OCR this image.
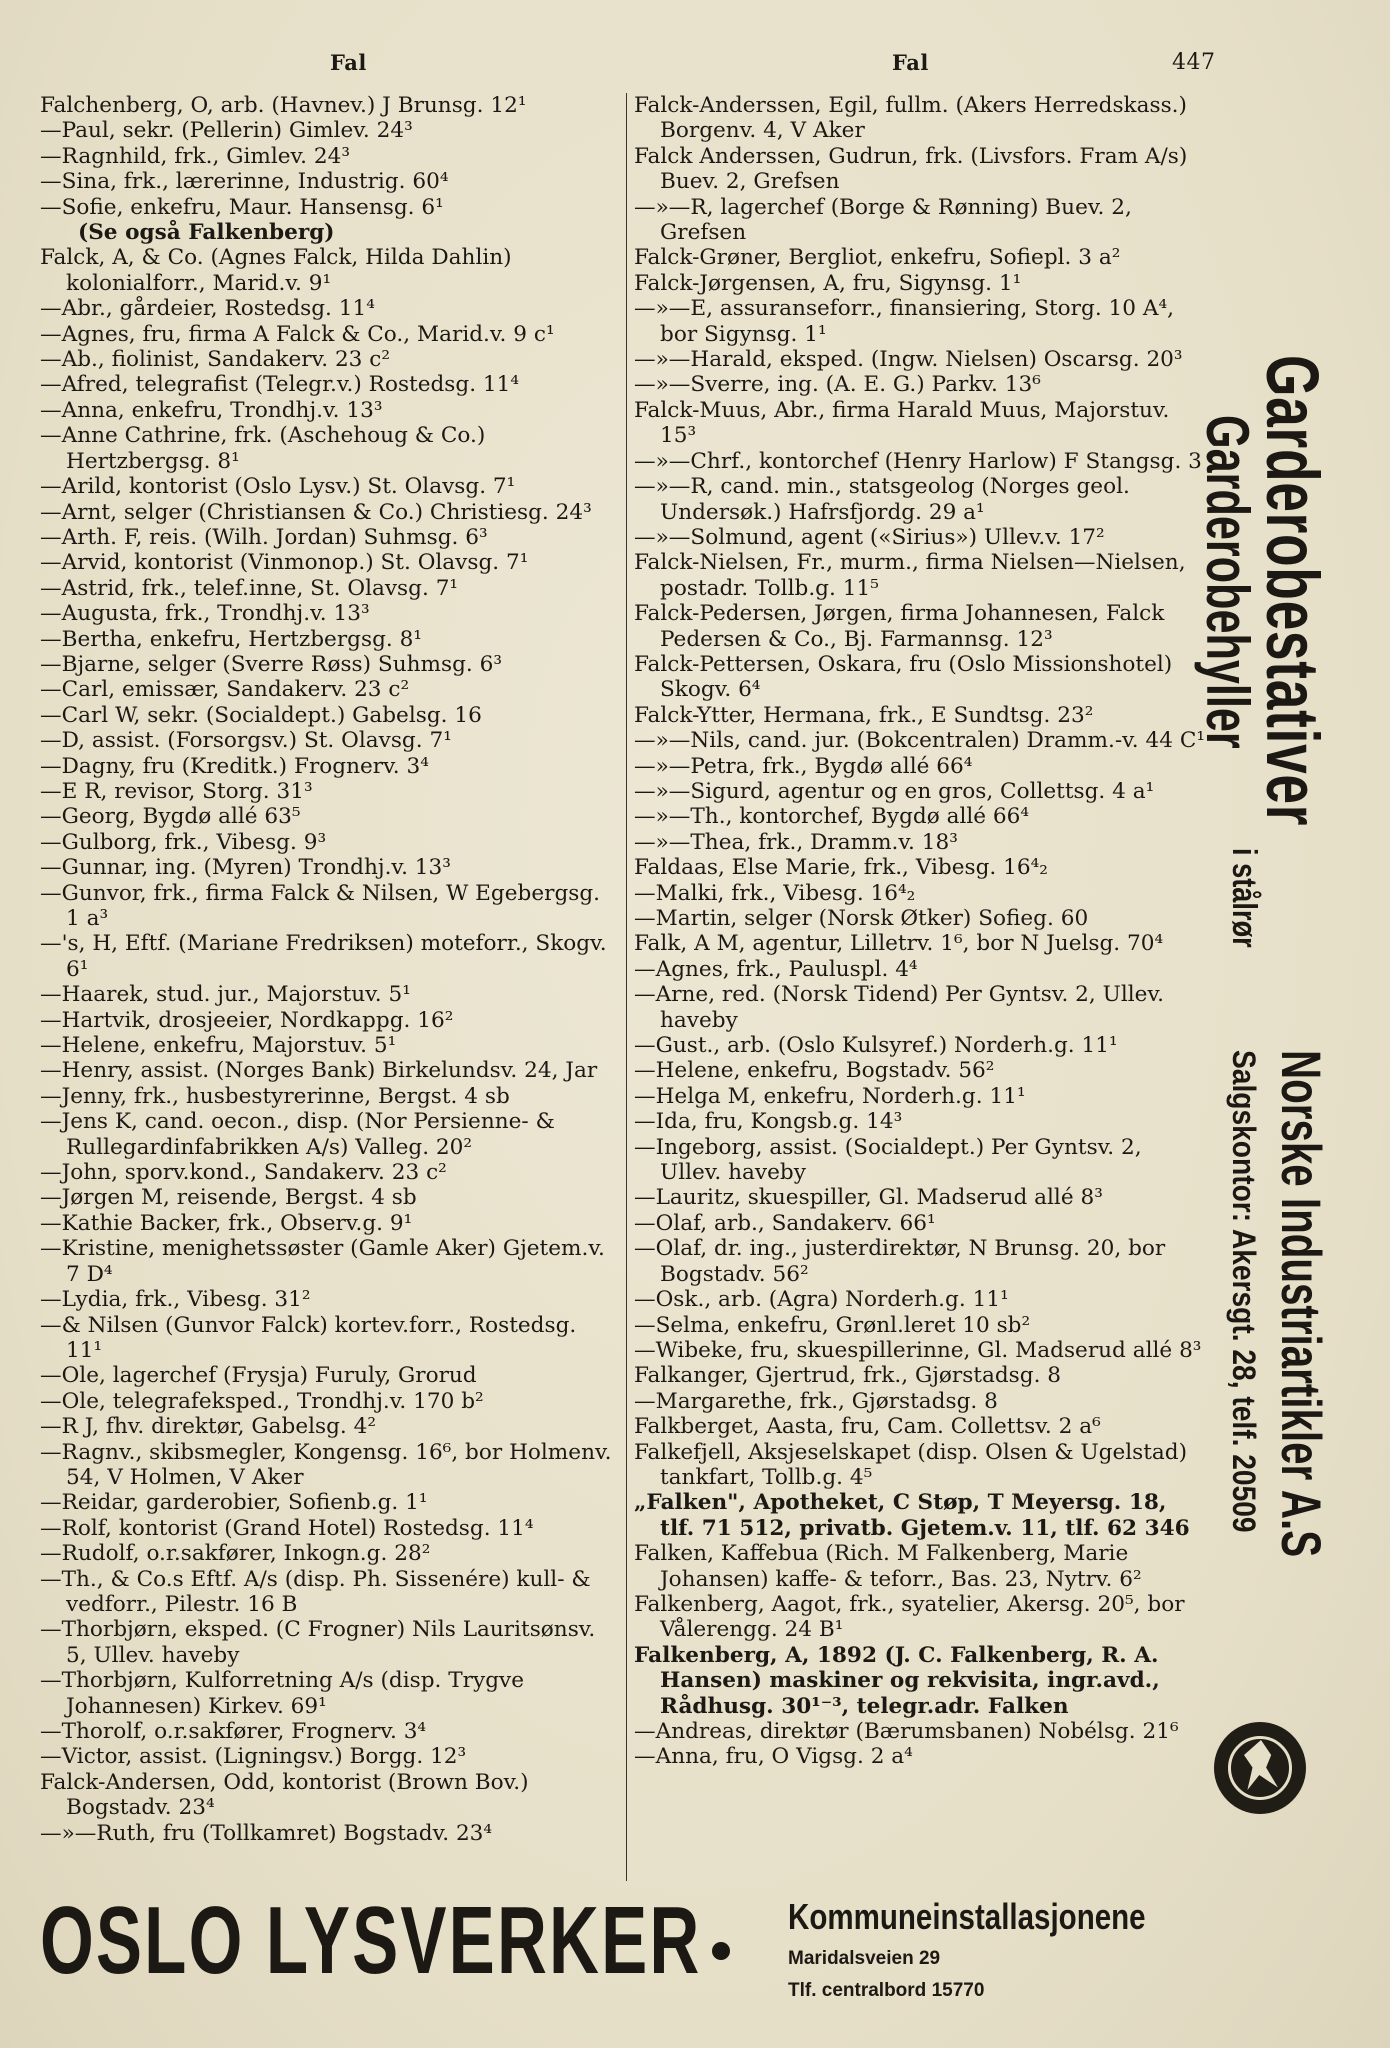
Fal	Fal	447
Falchenberg, O, arb. (Havnev.) J Brunsg. 12¹
—Paul, sekr. (Pellerin) Gimlev. 24³
—Ragnhild, frk., Gimlev. 24³
—Sina, frk., lærerinne, Industrig. 60⁴
—Sofie, enkefru, Maur. Hansensg. 6¹
(Se også Falkenberg)
Falck, A, & Co. (Agnes Falck, Hilda Dahlin) kolonialforr., Marid.v. 9¹
—Abr., gårdeier, Rostedsg. 11⁴
—Agnes, fru, firma A Falck & Co., Marid.v. 9 c¹
—Ab., fiolinist, Sandakerv. 23 c²
—Afred, telegrafist (Telegr.v.) Rostedsg. 11⁴
—Anna, enkefru, Trondhj.v. 13³
—Anne Cathrine, frk. (Aschehoug & Co.) Hertzbergsg. 8¹
—Arild, kontorist (Oslo Lysv.) St. Olavsg. 7¹
—Arnt, selger (Christiansen & Co.) Christiesg. 24³
—Arth. F, reis. (Wilh. Jordan) Suhmsg. 6³
—Arvid, kontorist (Vinmonop.) St. Olavsg. 7¹
—Astrid, frk., telef.inne, St. Olavsg. 7¹
—Augusta, frk., Trondhj.v. 13³
—Bertha, enkefru, Hertzbergsg. 8¹
—Bjarne, selger (Sverre Røss) Suhmsg. 6³
—Carl, emissær, Sandakerv. 23 c²
—Carl W, sekr. (Socialdept.) Gabelsg. 16
—D, assist. (Forsorgsv.) St. Olavsg. 7¹
—Dagny, fru (Kreditk.) Frognerv. 3⁴
—E R, revisor, Storg. 31³
—Georg, Bygdø allé 63⁵
—Gulborg, frk., Vibesg. 9³
—Gunnar, ing. (Myren) Trondhj.v. 13³
—Gunvor, frk., firma Falck & Nilsen, W Egebergsg. 1 a³
—'s, H, Eftf. (Mariane Fredriksen) moteforr., Skogv. 6¹
—Haarek, stud. jur., Majorstuv. 5¹
—Hartvik, drosjeeier, Nordkappg. 16²
—Helene, enkefru, Majorstuv. 5¹
—Henry, assist. (Norges Bank) Birkelundsv. 24, Jar
—Jenny, frk., husbestyrerinne, Bergst. 4 sb
—Jens K, cand. oecon., disp. (Nor Persienne- & Rullegardinfabrikken A/s) Valleg. 20²
—John, sporv.kond., Sandakerv. 23 c²
—Jørgen M, reisende, Bergst. 4 sb
—Kathie Backer, frk., Observ.g. 9¹
—Kristine, menighetssøster (Gamle Aker) Gjetem.v. 7 D⁴
—Lydia, frk., Vibesg. 31²
—& Nilsen (Gunvor Falck) kortev.forr., Rostedsg. 11¹
—Ole, lagerchef (Frysja) Furuly, Grorud
—Ole, telegrafeksped., Trondhj.v. 170 b²
—R J, fhv. direktør, Gabelsg. 4²
—Ragnv., skibsmegler, Kongensg. 16⁶, bor Holmenv. 54, V Holmen, V Aker
—Reidar, garderobier, Sofienb.g. 1¹
—Rolf, kontorist (Grand Hotel) Rostedsg. 11⁴
—Rudolf, o.r.sakfører, Inkogn.g. 28²
—Th., & Co.s Eftf. A/s (disp. Ph. Sissenére) kull- & vedforr., Pilestr. 16 B
—Thorbjørn, eksped. (C Frogner) Nils Lauritsønsv. 5, Ullev. haveby
—Thorbjørn, Kulforretning A/s (disp. Trygve Johannesen) Kirkev. 69¹
—Thorolf, o.r.sakfører, Frognerv. 3⁴
—Victor, assist. (Ligningsv.) Borgg. 12³
Falck-Andersen, Odd, kontorist (Brown Bov.) Bogstadv. 23⁴
—»—Ruth, fru (Tollkamret) Bogstadv. 23⁴
Falck-Anderssen, Egil, fullm. (Akers Herredskass.) Borgenv. 4, V Aker
Falck Anderssen, Gudrun, frk. (Livsfors. Fram A/s) Buev. 2, Grefsen
—»—R, lagerchef (Borge & Rønning) Buev. 2, Grefsen
Falck-Grøner, Bergliot, enkefru, Sofiepl. 3 a²
Falck-Jørgensen, A, fru, Sigynsg. 1¹
—»—E, assuranseforr., finansiering, Storg. 10 A⁴, bor Sigynsg. 1¹
—»—Harald, eksped. (Ingw. Nielsen) Oscarsg. 20³
—»—Sverre, ing. (A. E. G.) Parkv. 13⁶
Falck-Muus, Abr., firma Harald Muus, Majorstuv. 15³
—»—Chrf., kontorchef (Henry Harlow) F Stangsg. 3
—»—R, cand. min., statsgeolog (Norges geol. Undersøk.) Hafrsfjordg. 29 a¹
—»—Solmund, agent («Sirius») Ullev.v. 17²
Falck-Nielsen, Fr., murm., firma Nielsen—Nielsen, postadr. Tollb.g. 11⁵
Falck-Pedersen, Jørgen, firma Johannesen, Falck Pedersen & Co., Bj. Farmannsg. 12³
Falck-Pettersen, Oskara, fru (Oslo Missionshotel) Skogv. 6⁴
Falck-Ytter, Hermana, frk., E Sundtsg. 23²
—»—Nils, cand. jur. (Bokcentralen) Dramm.-v. 44 C¹
—»—Petra, frk., Bygdø allé 66⁴
—»—Sigurd, agentur og en gros, Collettsg. 4 a¹
—»—Th., kontorchef, Bygdø allé 66⁴
—»—Thea, frk., Dramm.v. 18³
Faldaas, Else Marie, frk., Vibesg. 16⁴₂
—Malki, frk., Vibesg. 16⁴₂
—Martin, selger (Norsk Øtker) Sofieg. 60
Falk, A M, agentur, Lilletrv. 1⁶, bor N Juelsg. 70⁴
—Agnes, frk., Pauluspl. 4⁴
—Arne, red. (Norsk Tidend) Per Gyntsv. 2, Ullev. haveby
—Gust., arb. (Oslo Kulsyref.) Norderh.g. 11¹
—Helene, enkefru, Bogstadv. 56²
—Helga M, enkefru, Norderh.g. 11¹
—Ida, fru, Kongsb.g. 14³
—Ingeborg, assist. (Socialdept.) Per Gyntsv. 2, Ullev. haveby
—Lauritz, skuespiller, Gl. Madserud allé 8³
—Olaf, arb., Sandakerv. 66¹
—Olaf, dr. ing., justerdirektør, N Brunsg. 20, bor Bogstadv. 56²
—Osk., arb. (Agra) Norderh.g. 11¹
—Selma, enkefru, Grønl.leret 10 sb²
—Wibeke, fru, skuespillerinne, Gl. Madserud allé 8³
Falkanger, Gjertrud, frk., Gjørstadsg. 8
—Margarethe, frk., Gjørstadsg. 8
Falkberget, Aasta, fru, Cam. Collettsv. 2 a⁶
Falkefjell, Aksjeselskapet (disp. Olsen & Ugelstad) tankfart, Tollb.g. 4⁵
„Falken", Apotheket, C Støp, T Meyersg. 18, tlf. 71 512, privatb. Gjetem.v. 11, tlf. 62 346
Falken, Kaffebua (Rich. M Falkenberg, Marie Johansen) kaffe- & teforr., Bas. 23, Nytrv. 6²
Falkenberg, Aagot, frk., syatelier, Akersg. 20⁵, bor Vålerengg. 24 B¹
Falkenberg, A, 1892 (J. C. Falkenberg, R. A. Hansen) maskiner og rekvisita, ingr.avd., Rådhusg. 30¹⁻³, telegr.adr. Falken
—Andreas, direktør (Bærumsbanen) Nobélsg. 21⁶
—Anna, fru, O Vigsg. 2 a⁴
Garderobestativer
Garderobehyller
i stålrør
Norske Industriartikler A.S
Salgskontor: Akersgt. 28, telf. 20509
OSLO LYSVERKER Kommuneinstallasjonene
Maridalsveien 29
Tlf. centralbord 15770
